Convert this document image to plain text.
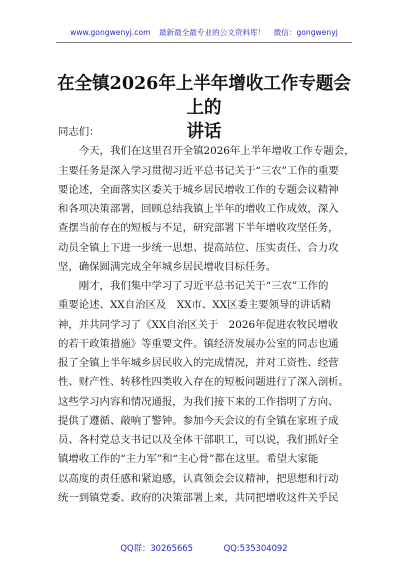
www.gongwenyj.com 最新最全最专业的公文资料库！ 微信：gongwenyj
在全镇2026年上半年增收工作专题会上的
讲话
同志们：
　　今天，我们在这里召开全镇2026年上半年增收工作专题会，
主要任务是深入学习贯彻习近平总书记关于“三农”工作的重要
要论述，全面落实区委关于城乡居民增收工作的专题会议精神
和各项决策部署，回顾总结我镇上半年的增收工作成效，深入
查摆当前存在的短板与不足，研究部署下半年增收攻坚任务，
动员全镇上下进一步统一思想、提高站位、压实责任、合力攻
坚，确保圆满完成全年城乡居民增收目标任务。
　　刚才，我们集中学习了习近平总书记关于“三农”工作的
重要论述、XX自治区及　XX市、XX区委主要领导的讲话精
神，并共同学习了《XX自治区关于　2026年促进农牧民增收
的若干政策措施》等重要文件。镇经济发展办公室的同志也通
报了全镇上半年城乡居民收入的完成情况，并对工资性、经营
性、财产性、转移性四类收入存在的短板问题进行了深入剖析。
这些学习内容和情况通报，为我们接下来的工作指明了方向、
提供了遵循、敲响了警钟。参加今天会议的有全镇在家班子成
员、各村党总支书记以及全体干部职工，可以说，我们抓好全
镇增收工作的“主力军”和“主心骨”都在这里。希望大家能
以高度的责任感和紧迫感，认真领会会议精神，把思想和行动
统一到镇党委、政府的决策部署上来，共同把增收这件关乎民
QQ群：30265665	QQ:535304092
